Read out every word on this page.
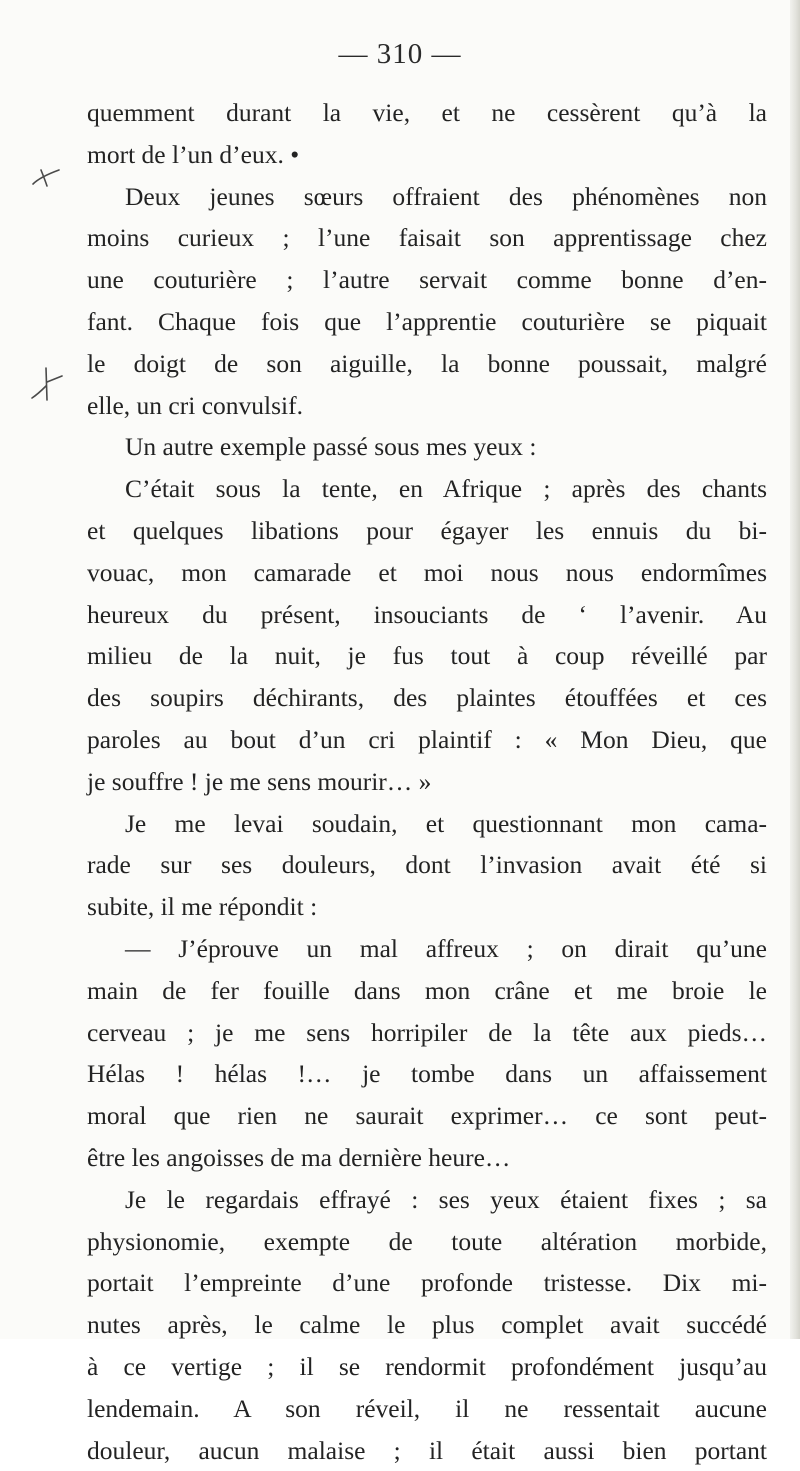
— 310 —
quemment durant la vie, et ne cessèrent qu’à la
mort de l’un d’eux. •
Deux jeunes sœurs offraient des phénomènes non
moins curieux ; l’une faisait son apprentissage chez
une couturière ; l’autre servait comme bonne d’en-
fant. Chaque fois que l’apprentie couturière se piquait
le doigt de son aiguille, la bonne poussait, malgré
elle, un cri convulsif.
Un autre exemple passé sous mes yeux :
C’était sous la tente, en Afrique ; après des chants
et quelques libations pour égayer les ennuis du bi-
vouac, mon camarade et moi nous nous endormîmes
heureux du présent, insouciants de ‘ l’avenir. Au
milieu de la nuit, je fus tout à coup réveillé par
des soupirs déchirants, des plaintes étouffées et ces
paroles au bout d’un cri plaintif : « Mon Dieu, que
je souffre ! je me sens mourir… »
Je me levai soudain, et questionnant mon cama-
rade sur ses douleurs, dont l’invasion avait été si
subite, il me répondit :
— J’éprouve un mal affreux ; on dirait qu’une
main de fer fouille dans mon crâne et me broie le
cerveau ; je me sens horripiler de la tête aux pieds…
Hélas ! hélas !… je tombe dans un affaissement
moral que rien ne saurait exprimer… ce sont peut-
être les angoisses de ma dernière heure…
Je le regardais effrayé : ses yeux étaient fixes ; sa
physionomie, exempte de toute altération morbide,
portait l’empreinte d’une profonde tristesse. Dix mi-
nutes après, le calme le plus complet avait succédé
à ce vertige ; il se rendormit profondément jusqu’au
lendemain. A son réveil, il ne ressentait aucune
douleur, aucun malaise ; il était aussi bien portant
